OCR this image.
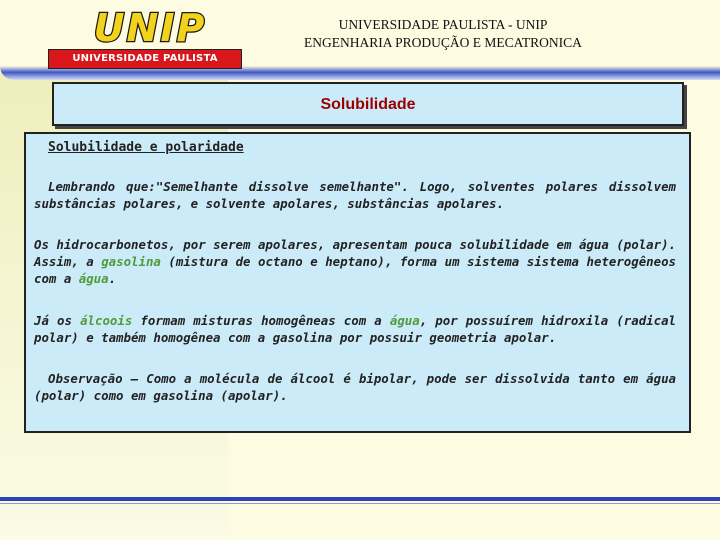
UNIP
UNIVERSIDADE PAULISTA
UNIVERSIDADE PAULISTA - UNIP
ENGENHARIA PRODUÇÃO E MECATRONICA
Solubilidade
Solubilidade e polaridade

Lembrando que:"Semelhante dissolve semelhante". Logo, solventes polares dissolvem substâncias polares, e solvente apolares, substâncias apolares.

Os hidrocarbonetos, por serem apolares, apresentam pouca solubilidade em água (polar). Assim, a gasolina (mistura de octano e heptano), forma um sistema sistema heterogêneos com a água.

Já os álcoois formam misturas homogêneas com a água, por possuírem hidroxila (radical polar) e também homogênea com a gasolina por possuir geometria apolar.

Observação – Como a molécula de álcool é bipolar, pode ser dissolvida tanto em água (polar) como em gasolina (apolar).
